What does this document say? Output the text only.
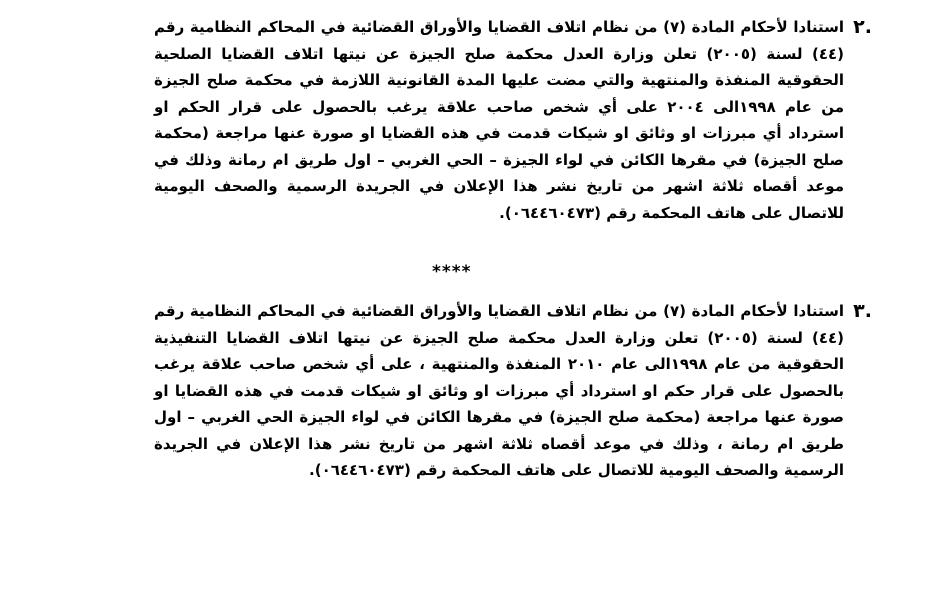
٢.

استنادا لأحكام المادة (٧) من نظام اتلاف القضايا والأوراق القضائية في المحاكم النظامية رقم (٤٤) لسنة (٢٠٠٥) تعلن وزارة العدل محكمة صلح الجيزة عن نيتها اتلاف القضايا الصلحية الحقوقية المنفذة والمنتهية والتي مضت عليها المدة القانونية اللازمة في محكمة صلح الجيزة من عام ١٩٩٨الى ٢٠٠٤ على أي شخص صاحب علاقة يرغب بالحصول على قرار الحكم او استرداد أي مبرزات او وثائق او شيكات قدمت في هذه القضايا او صورة عنها مراجعة (محكمة صلح الجيزة) في مقرها الكائن في لواء الجيزة – الحي الغربي – اول طريق ام رمانة وذلك في موعد أقصاه ثلاثة اشهر من تاريخ نشر هذا الإعلان في الجريدة الرسمية والصحف اليومية للاتصال على هاتف المحكمة رقم (٠٦٤٤٦٠٤٧٣).

****
٣.

استنادا لأحكام المادة (٧) من نظام اتلاف القضايا والأوراق القضائية في المحاكم النظامية رقم (٤٤) لسنة (٢٠٠٥) تعلن وزارة العدل محكمة صلح الجيزة عن نيتها اتلاف القضايا التنفيذية الحقوقية من عام ١٩٩٨الى عام ٢٠١٠ المنفذة والمنتهية ، على أي شخص صاحب علاقة يرغب بالحصول على قرار حكم او استرداد أي مبرزات او وثائق او شيكات قدمت في هذه القضايا او صورة عنها مراجعة (محكمة صلح الجيزة) في مقرها الكائن في لواء الجيزة الحي الغربي – اول طريق ام رمانة ، وذلك في موعد أقصاه ثلاثة اشهر من تاريخ نشر هذا الإعلان في الجريدة الرسمية والصحف اليومية للاتصال على هاتف المحكمة رقم (٠٦٤٤٦٠٤٧٣).
